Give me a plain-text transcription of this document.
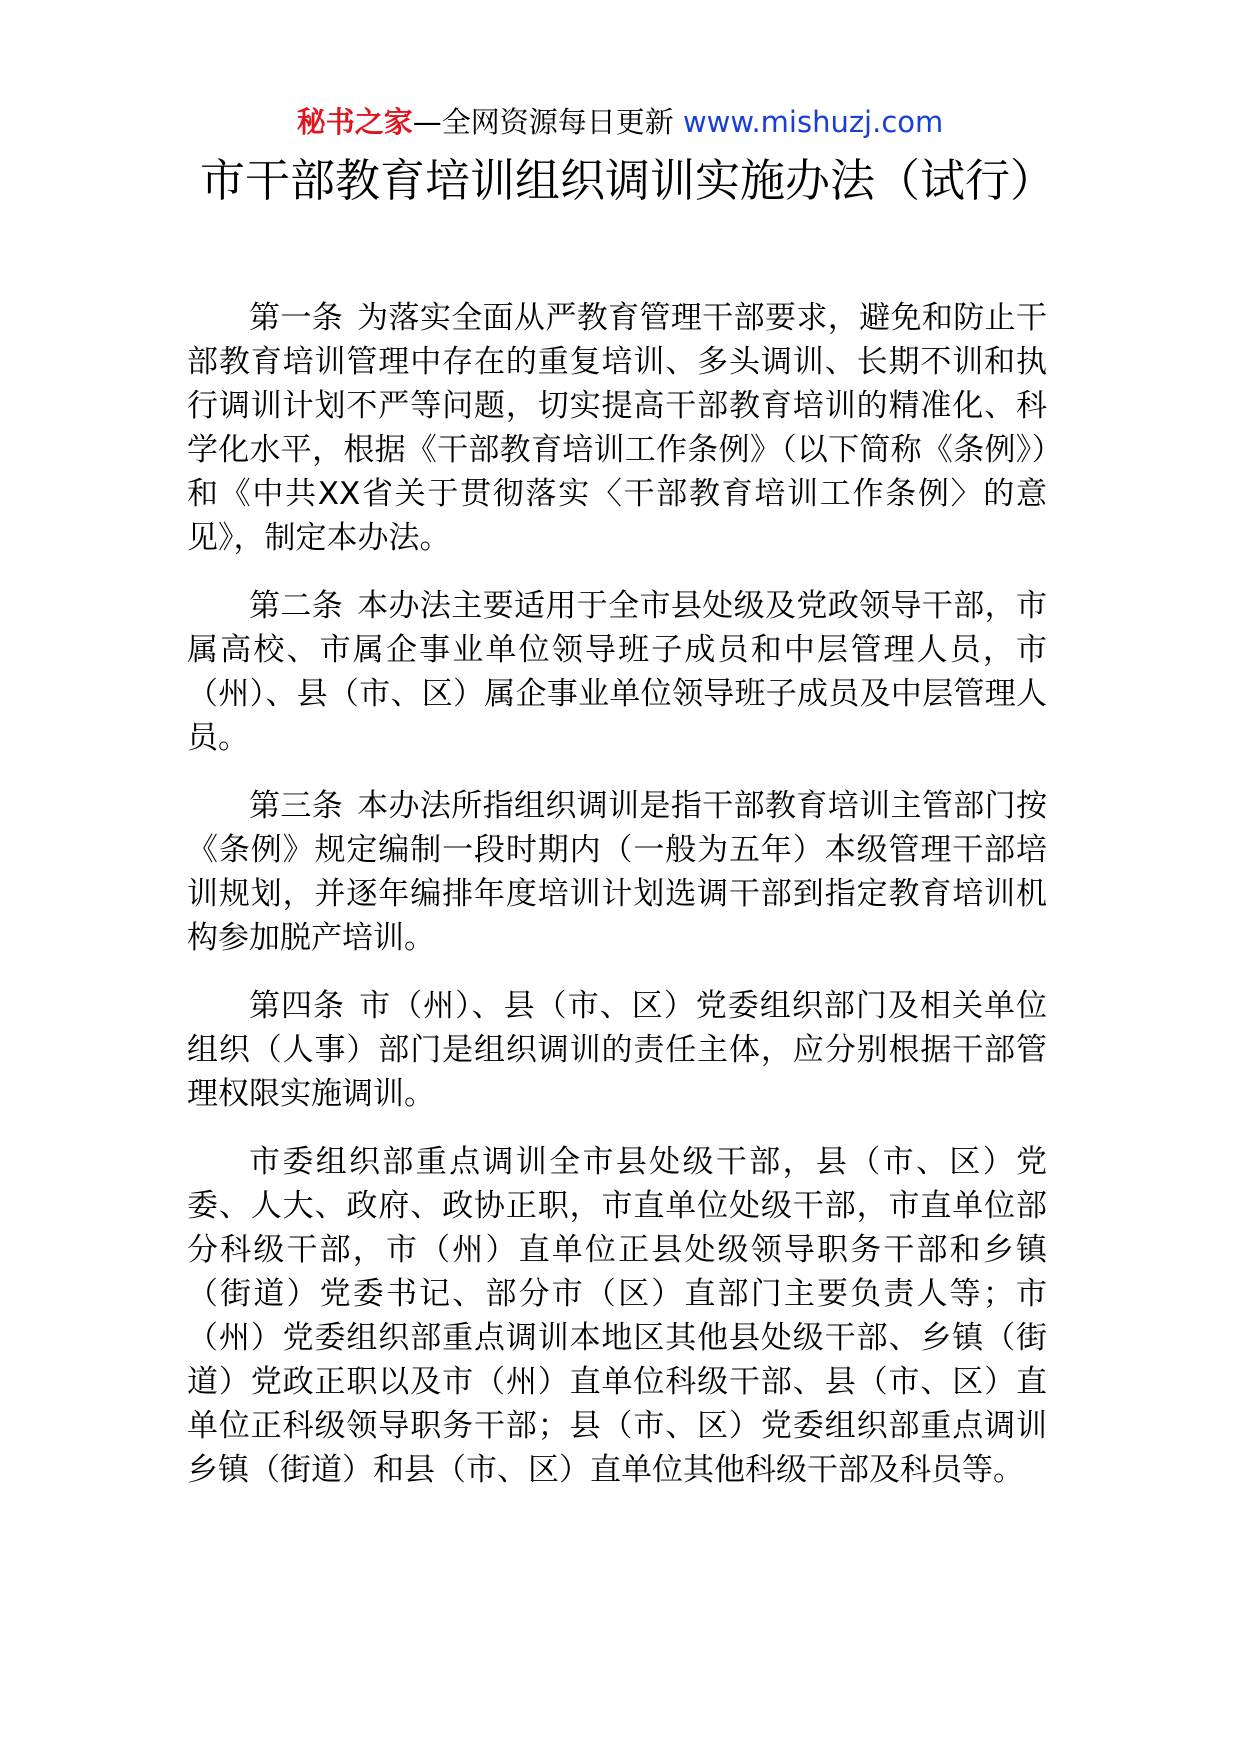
秘书之家—全网资源每日更新 www.mishuzj.com
市干部教育培训组织调训实施办法（试行）

第一条 为落实全面从严教育管理干部要求，避免和防止干部教育培训管理中存在的重复培训、多头调训、长期不训和执行调训计划不严等问题，切实提高干部教育培训的精准化、科学化水平，根据《干部教育培训工作条例》（以下简称《条例》）和《中共XX省关于贯彻落实〈干部教育培训工作条例〉的意见》，制定本办法。

第二条 本办法主要适用于全市县处级及党政领导干部，市属高校、市属企事业单位领导班子成员和中层管理人员，市（州）、县（市、区）属企事业单位领导班子成员及中层管理人员。

第三条 本办法所指组织调训是指干部教育培训主管部门按《条例》规定编制一段时期内（一般为五年）本级管理干部培训规划，并逐年编排年度培训计划选调干部到指定教育培训机构参加脱产培训。

第四条 市（州）、县（市、区）党委组织部门及相关单位组织（人事）部门是组织调训的责任主体，应分别根据干部管理权限实施调训。

市委组织部重点调训全市县处级干部，县（市、区）党委、人大、政府、政协正职，市直单位处级干部，市直单位部分科级干部，市（州）直单位正县处级领导职务干部和乡镇（街道）党委书记、部分市（区）直部门主要负责人等；市（州）党委组织部重点调训本地区其他县处级干部、乡镇（街道）党政正职以及市（州）直单位科级干部、县（市、区）直单位正科级领导职务干部；县（市、区）党委组织部重点调训乡镇（街道）和县（市、区）直单位其他科级干部及科员等。
